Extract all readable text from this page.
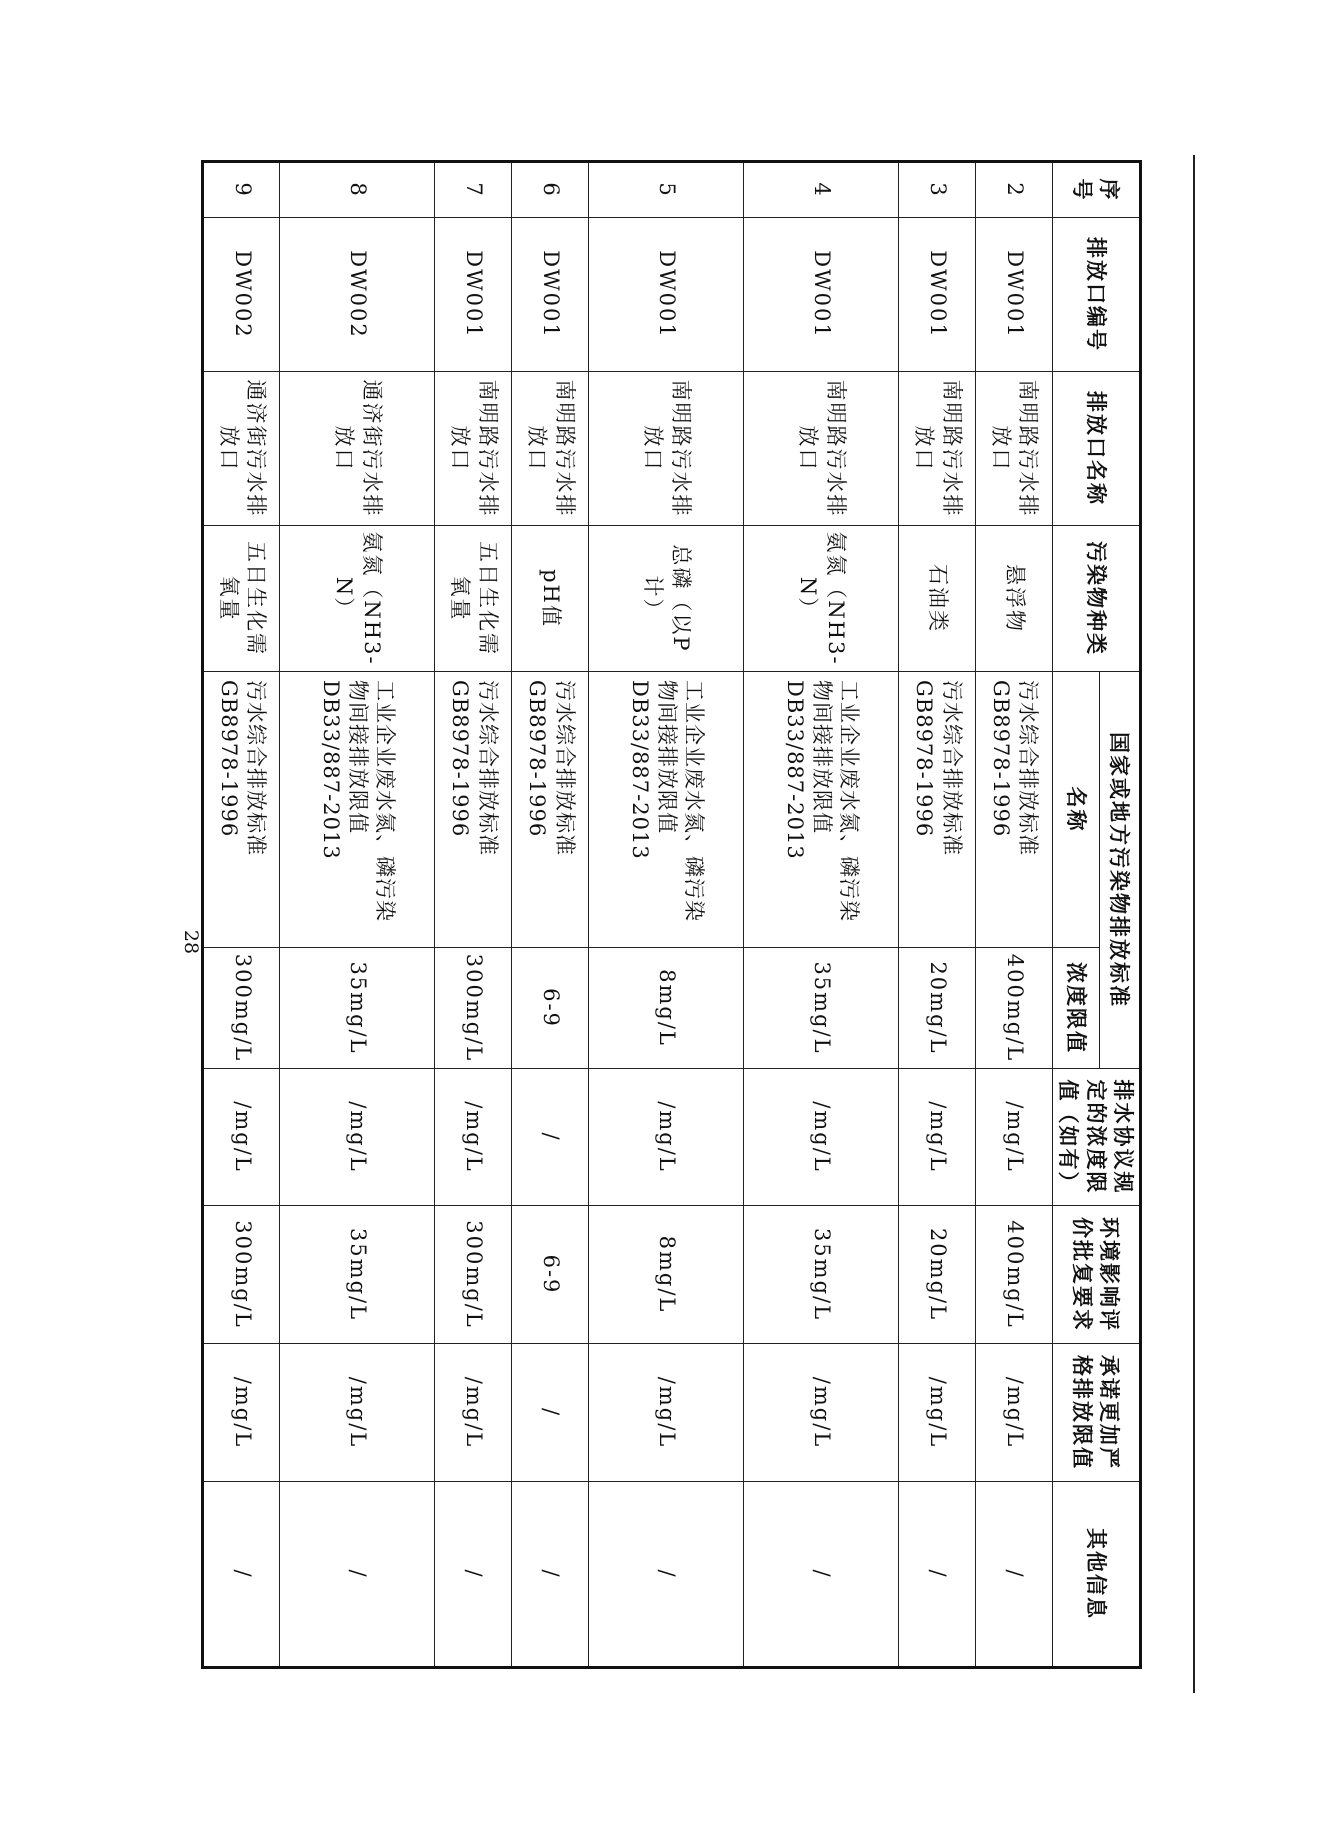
序号	排放口编号	排放口名称	污染物种类	国家或地方污染物排放标准		排水协议规定的浓度限值（如有）	环境影响评价批复要求	承诺更加严格排放限值	其他信息
				名称	浓度限值				
2	DW001	南明路污水排放口	悬浮物	污水综合排放标准GB8978-1996	400mg/L	/mg/L	400mg/L	/mg/L	/
3	DW001	南明路污水排放口	石油类	污水综合排放标准GB8978-1996	20mg/L	/mg/L	20mg/L	/mg/L	/
4	DW001	南明路污水排放口	氨氮（NH3-N）	工业企业废水氮、磷污染物间接排放限值DB33/887-2013	35mg/L	/mg/L	35mg/L	/mg/L	/
5	DW001	南明路污水排放口	总磷（以P计）	工业企业废水氮、磷污染物间接排放限值DB33/887-2013	8mg/L	/mg/L	8mg/L	/mg/L	/
6	DW001	南明路污水排放口	pH值	污水综合排放标准GB8978-1996	6-9	/	6-9	/	/
7	DW001	南明路污水排放口	五日生化需氧量	污水综合排放标准GB8978-1996	300mg/L	/mg/L	300mg/L	/mg/L	/
8	DW002	通济街污水排放口	氨氮（NH3-N）	工业企业废水氮、磷污染物间接排放限值DB33/887-2013	35mg/L	/mg/L	35mg/L	/mg/L	/
9	DW002	通济街污水排放口	五日生化需氧量	污水综合排放标准GB8978-1996	300mg/L	/mg/L	300mg/L	/mg/L	/
28
